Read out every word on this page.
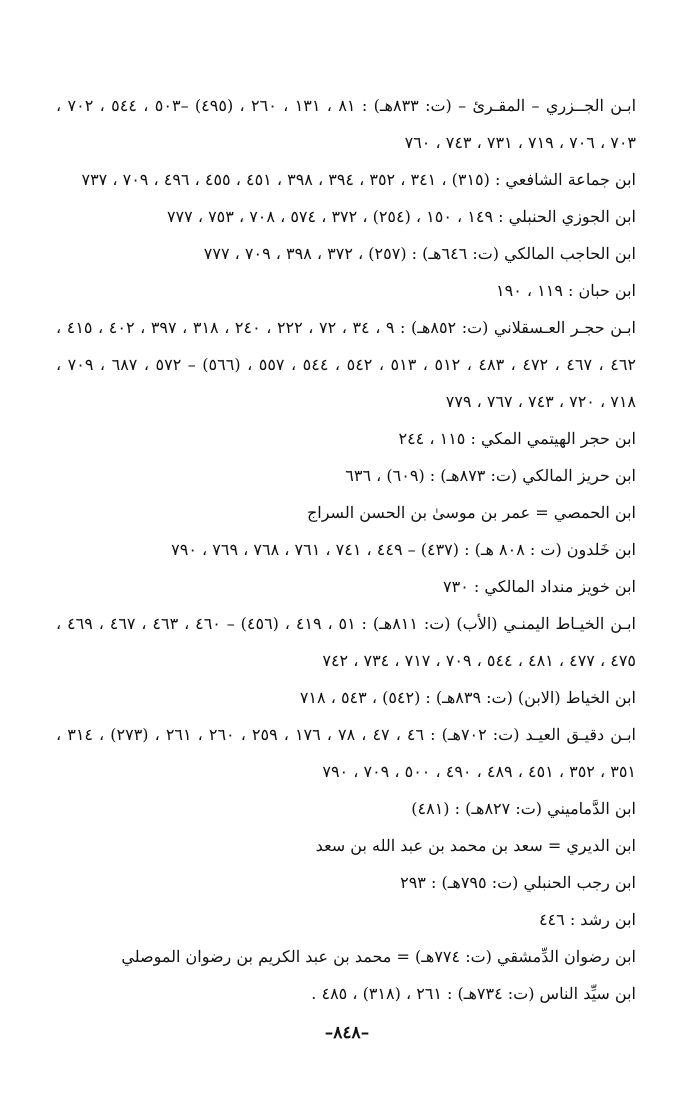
ابـن الجــزري – المقـرئ – (ت: ٨٣٣هـ) : ٨١ ، ١٣١ ، ٢٦٠ ، (٤٩٥) –٥٠٣ ، ٥٤٤ ، ٧٠٢ ،
٧٠٣ ، ٧٠٦ ، ٧١٩ ، ٧٣١ ، ٧٤٣ ، ٧٦٠
ابن جماعة الشافعي : (٣١٥) ، ٣٤١ ، ٣٥٢ ، ٣٩٤ ، ٣٩٨ ، ٤٥١ ، ٤٥٥ ، ٤٩٦ ، ٧٠٩ ، ٧٣٧
ابن الجوزي الحنبلي : ١٤٩ ، ١٥٠ ، (٢٥٤) ، ٣٧٢ ، ٥٧٤ ، ٧٠٨ ، ٧٥٣ ، ٧٧٧
ابن الحاجب المالكي (ت: ٦٤٦هـ) : (٢٥٧) ، ٣٧٢ ، ٣٩٨ ، ٧٠٩ ، ٧٧٧
ابن حبان : ١١٩ ، ١٩٠
ابـن حجـر العـسقلاني (ت: ٨٥٢هـ) : ٩ ، ٣٤ ، ٧٢ ، ٢٢٢ ، ٢٤٠ ، ٣١٨ ، ٣٩٧ ، ٤٠٢ ، ٤١٥ ،
٤٦٢ ، ٤٦٧ ، ٤٧٢ ، ٤٨٣ ، ٥١٢ ، ٥١٣ ، ٥٤٢ ، ٥٤٤ ، ٥٥٧ ، (٥٦٦) – ٥٧٢ ، ٦٨٧ ، ٧٠٩ ،
٧١٨ ، ٧٢٠ ، ٧٤٣ ، ٧٦٧ ، ٧٧٩
ابن حجر الهيتمي المكي : ١١٥ ، ٢٤٤
ابن حريز المالكي (ت: ٨٧٣هـ) : (٦٠٩) ، ٦٣٦
ابن الحمصي = عمر بن موسىٰ بن الحسن السراج
ابن خَلدون (ت : ٨٠٨ هـ) : (٤٣٧) – ٤٤٩ ، ٧٤١ ، ٧٦١ ، ٧٦٨ ، ٧٦٩ ، ٧٩٠
ابن خويز منداد المالكي : ٧٣٠
ابـن الخيـاط اليمنـي (الأب) (ت: ٨١١هـ) : ٥١ ، ٤١٩ ، (٤٥٦) – ٤٦٠ ، ٤٦٣ ، ٤٦٧ ، ٤٦٩ ،
٤٧٥ ، ٤٧٧ ، ٤٨١ ، ٥٤٤ ، ٧٠٩ ، ٧١٧ ، ٧٣٤ ، ٧٤٢
ابن الخياط (الابن) (ت: ٨٣٩هـ) : (٥٤٢) ، ٥٤٣ ، ٧١٨
ابـن دقيـق العيـد (ت: ٧٠٢هـ) : ٤٦ ، ٤٧ ، ٧٨ ، ١٧٦ ، ٢٥٩ ، ٢٦٠ ، ٢٦١ ، (٢٧٣) ، ٣١٤ ،
٣٥١ ، ٣٥٢ ، ٤٥١ ، ٤٨٩ ، ٤٩٠ ، ٥٠٠ ، ٧٠٩ ، ٧٩٠
ابن الدَّماميني (ت: ٨٢٧هـ) : (٤٨١)
ابن الديري = سعد بن محمد بن عبد الله بن سعد
ابن رجب الحنبلي (ت: ٧٩٥هـ) : ٢٩٣
ابن رشد : ٤٤٦
ابن رضوان الدِّمشقي (ت: ٧٧٤هـ) = محمد بن عبد الكريم بن رضوان الموصلي
ابن سيِّد الناس (ت: ٧٣٤هـ) : ٢٦١ ، (٣١٨) ، ٤٨٥ .
–٨٤٨–
